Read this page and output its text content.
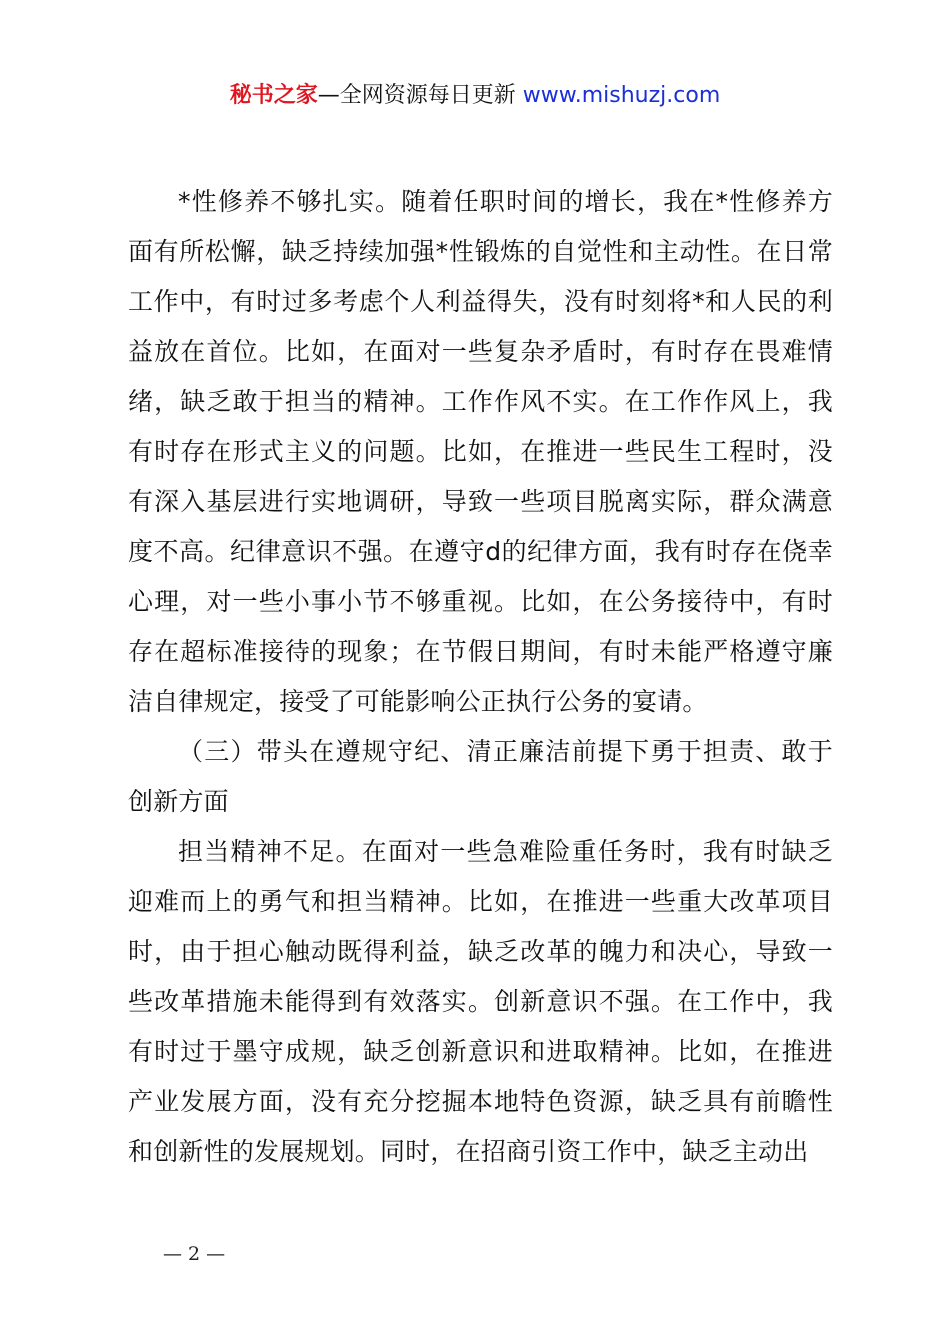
秘书之家—全网资源每日更新 www.mishuzj.com

*性修养不够扎实。随着任职时间的增长，我在*性修养方面有所松懈，缺乏持续加强*性锻炼的自觉性和主动性。在日常工作中，有时过多考虑个人利益得失，没有时刻将*和人民的利益放在首位。比如，在面对一些复杂矛盾时，有时存在畏难情绪，缺乏敢于担当的精神。工作作风不实。在工作作风上，我有时存在形式主义的问题。比如，在推进一些民生工程时，没有深入基层进行实地调研，导致一些项目脱离实际，群众满意度不高。纪律意识不强。在遵守d的纪律方面，我有时存在侥幸心理，对一些小事小节不够重视。比如，在公务接待中，有时存在超标准接待的现象；在节假日期间，有时未能严格遵守廉洁自律规定，接受了可能影响公正执行公务的宴请。

（三）带头在遵规守纪、清正廉洁前提下勇于担责、敢于创新方面

担当精神不足。在面对一些急难险重任务时，我有时缺乏迎难而上的勇气和担当精神。比如，在推进一些重大改革项目时，由于担心触动既得利益，缺乏改革的魄力和决心，导致一些改革措施未能得到有效落实。创新意识不强。在工作中，我有时过于墨守成规，缺乏创新意识和进取精神。比如，在推进产业发展方面，没有充分挖掘本地特色资源，缺乏具有前瞻性和创新性的发展规划。同时，在招商引资工作中，缺乏主动出

— 2 —
